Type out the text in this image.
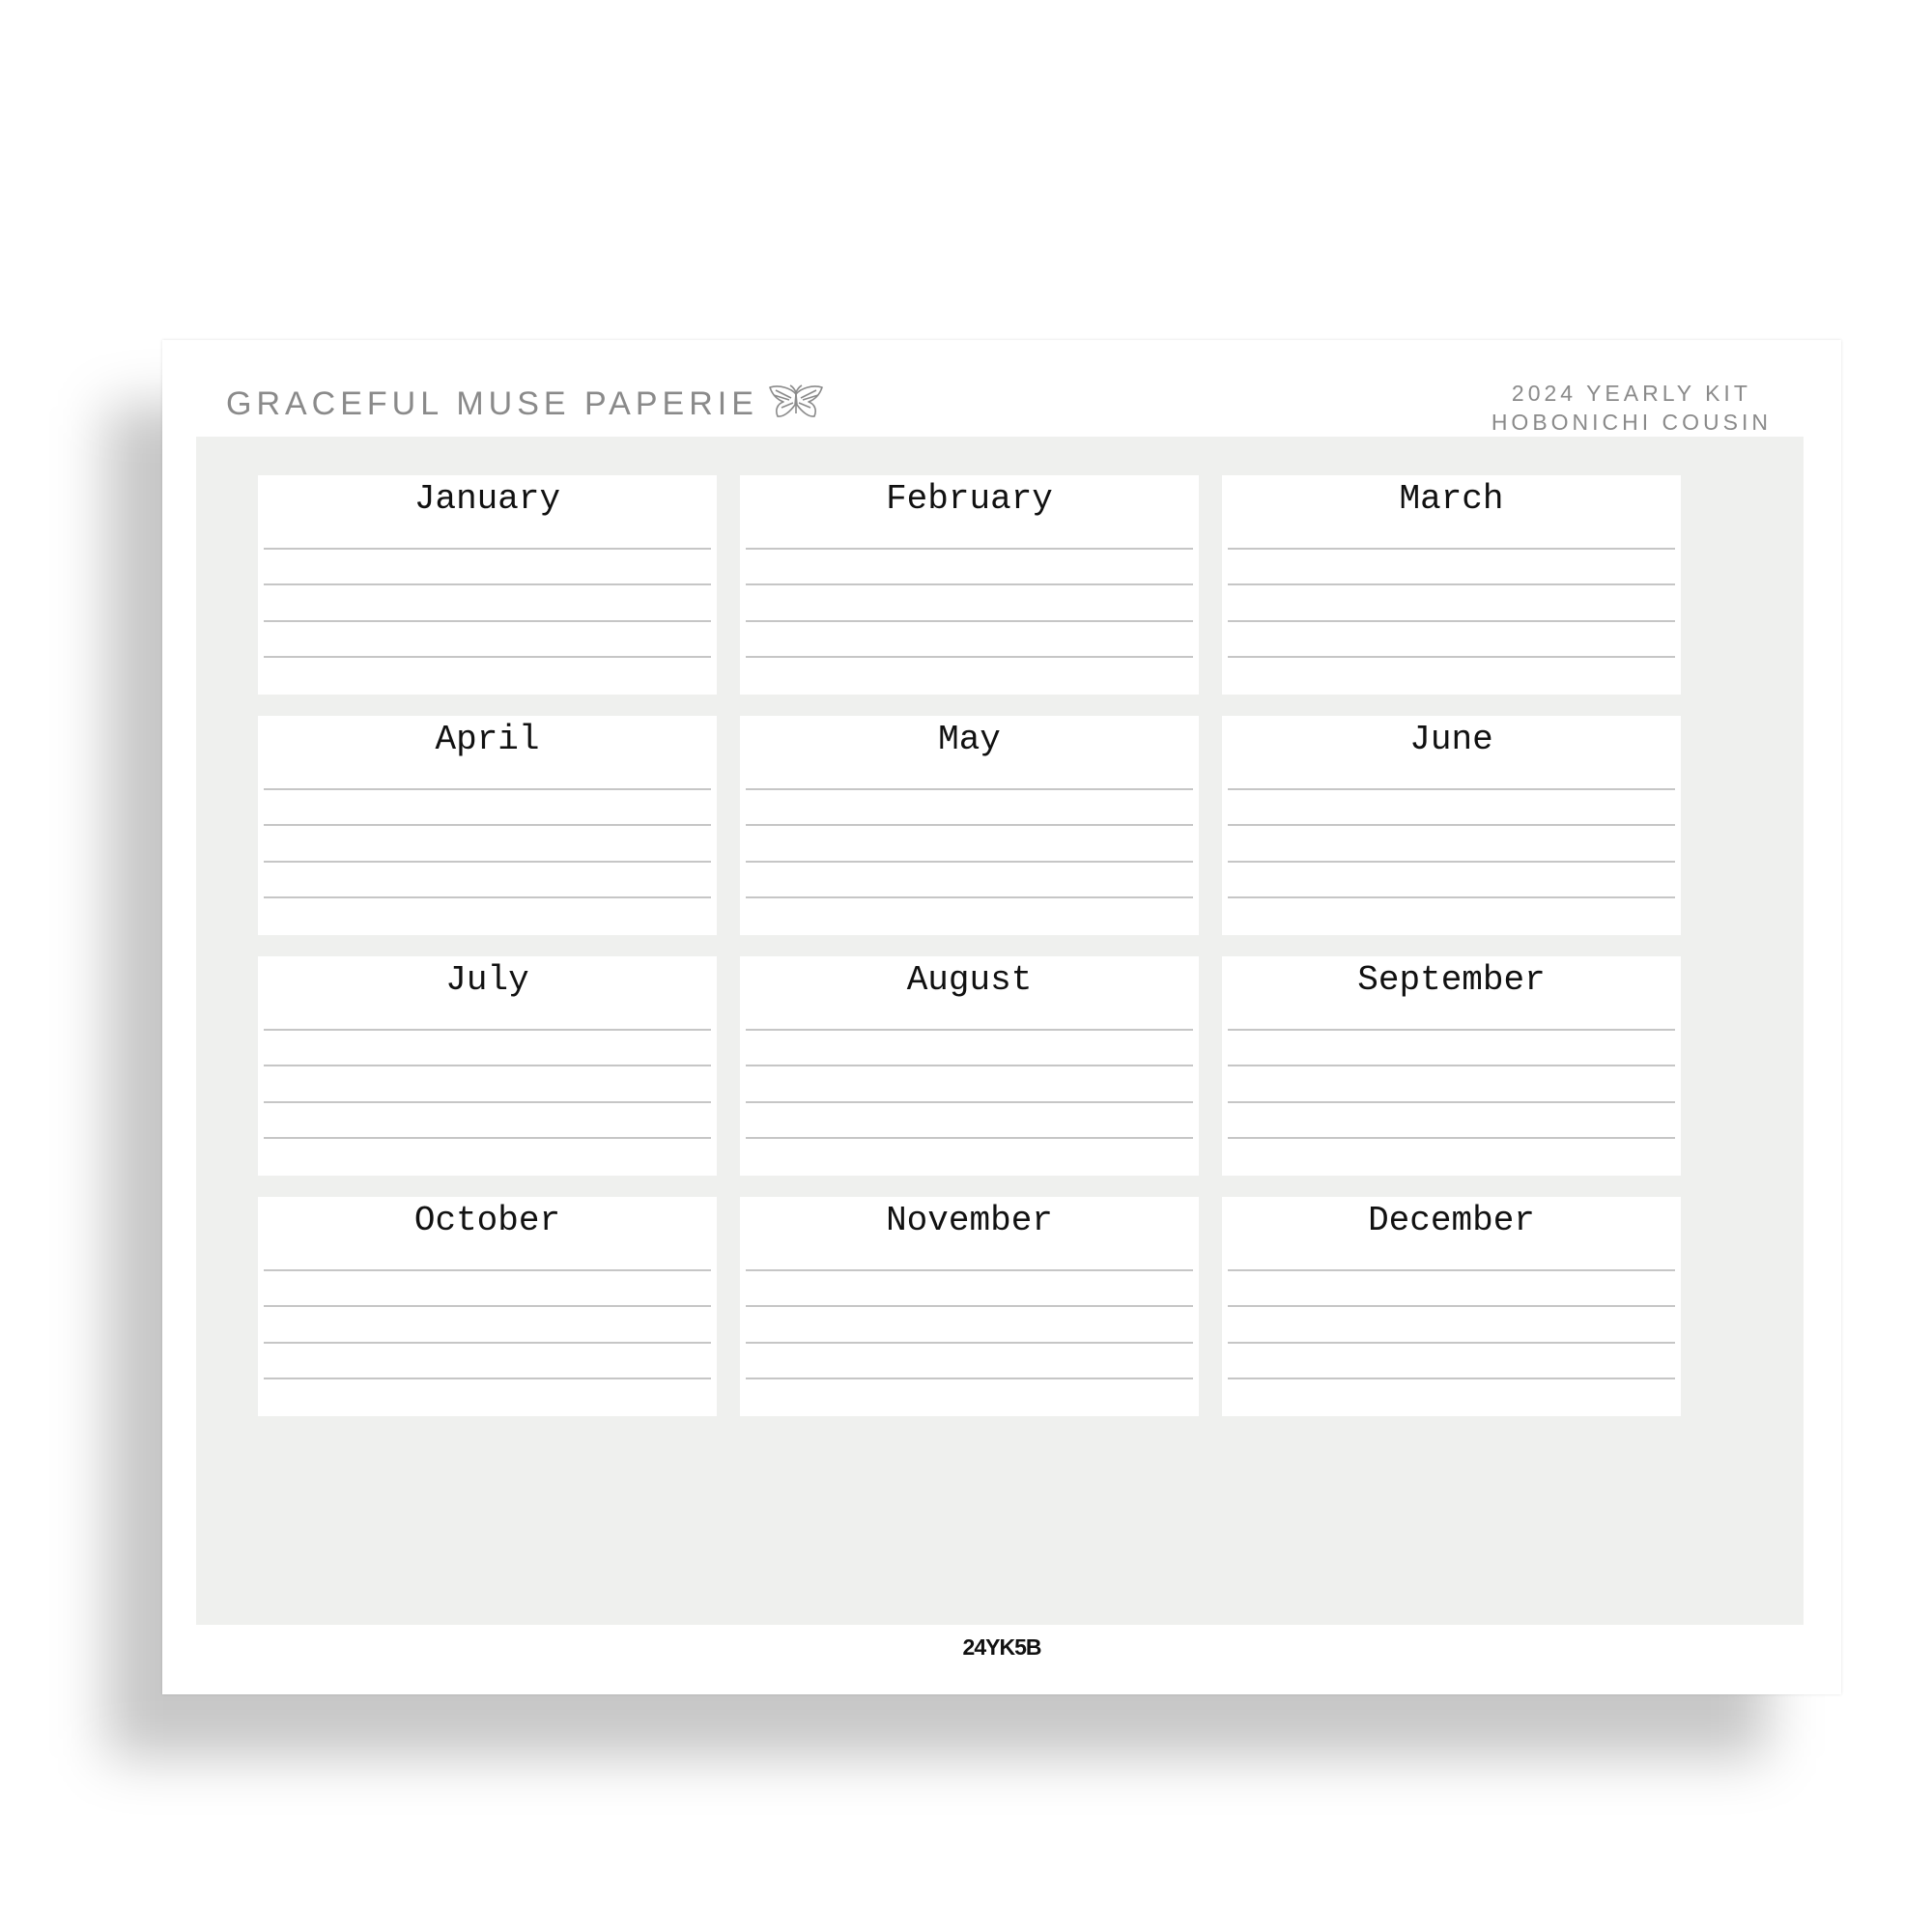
GRACEFUL MUSE PAPERIE	2024 YEARLY KIT
HOBONICHI COUSIN
January	February	March
April	May	June
July	August	September
October	November	December
24YK5B
